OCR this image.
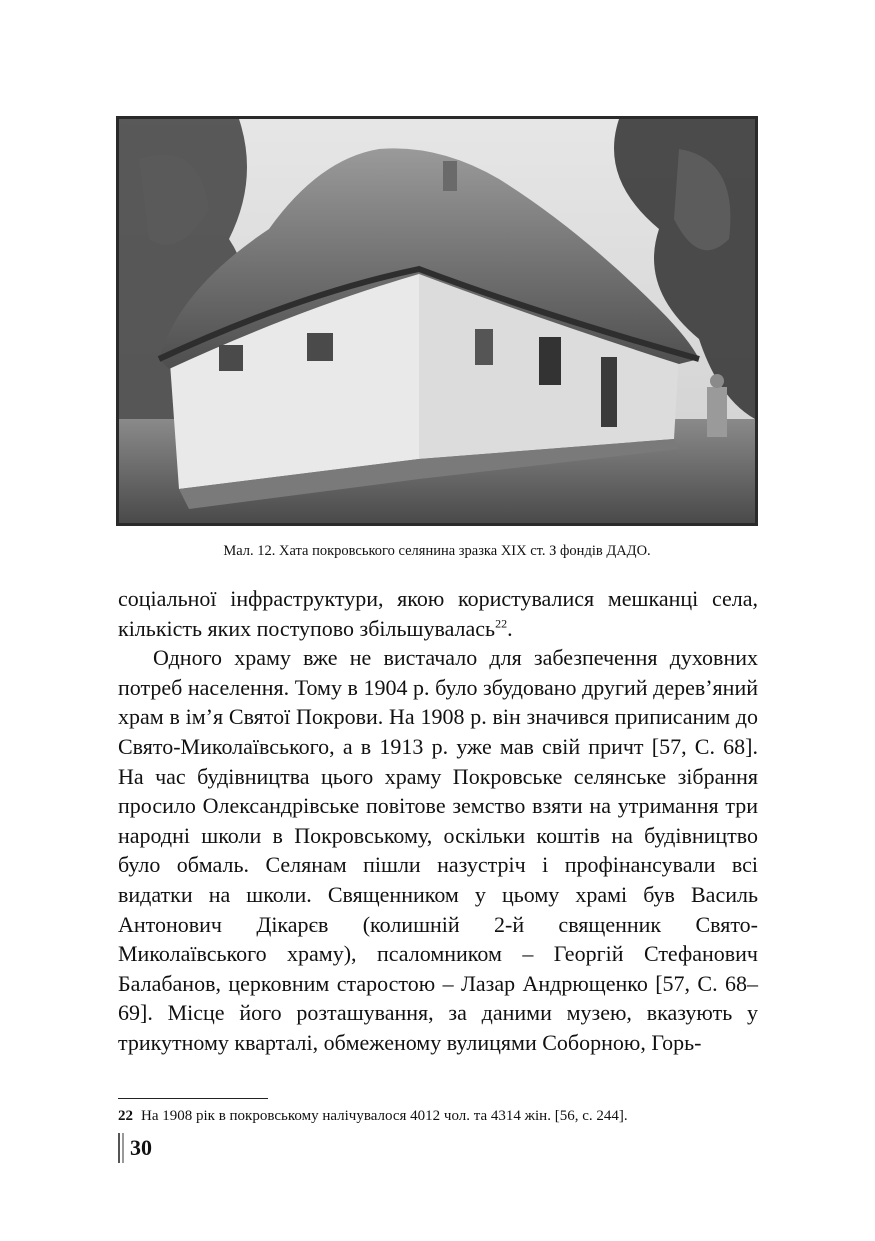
Мал. 12. Хата покровського селянина зразка XIX ст. З фондів ДАДО.

соціальної інфраструктури, якою користувалися мешканці села, кількість яких поступово збільшувалась$^{22}$.

Одного храму вже не вистачало для забезпечення духовних потреб населення. Тому в 1904 р. було збудовано другий дерев’яний храм в ім’я Святої Покрови. На 1908 р. він значився приписаним до Свято-Миколаївського, а в 1913 р. уже мав свій причт [57, С. 68]. На час будівництва цього храму Покровське селянське зібрання просило Олександрівське повітове земство взяти на утримання три народні школи в Покровському, оскільки коштів на будівництво було обмаль. Селянам пішли назустріч і профінансували всі видатки на школи. Священником у цьому храмі був Василь Антонович Дікарєв (колишній 2-й священник Свято-Миколаївського храму), псаломником – Георгій Стефанович Балабанов, церковним старостою – Лазар Андрющенко [57, С. 68–69]. Місце його розташування, за даними музею, вказують у трикутному кварталі, обмеженому вулицями Соборною, Горь-

22 На 1908 рік в покровському налічувалося 4012 чол. та 4314 жін. [56, с. 244].
30
